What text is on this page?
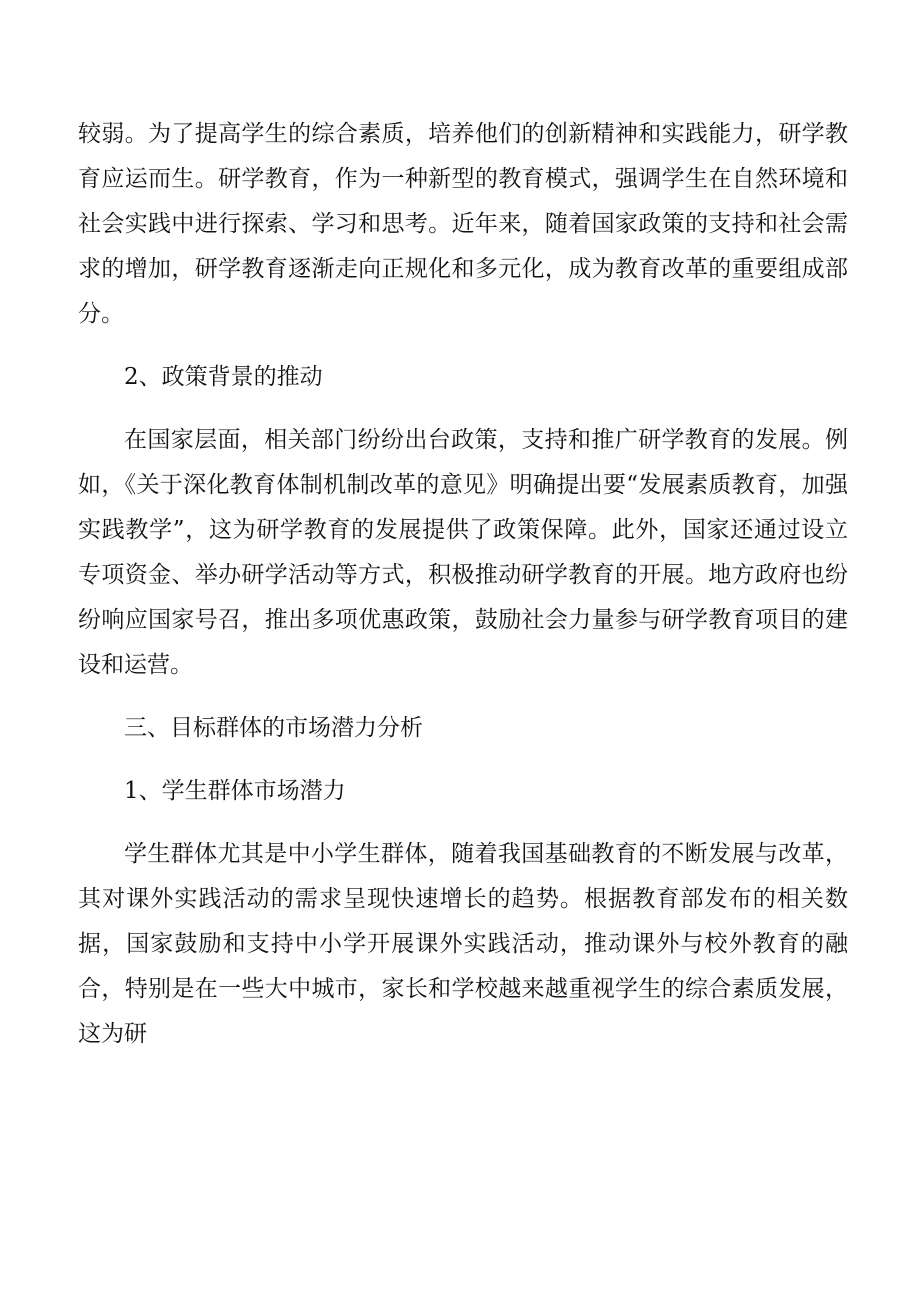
较弱。为了提高学生的综合素质，培养他们的创新精神和实践能力，研学教育应运而生。研学教育，作为一种新型的教育模式，强调学生在自然环境和社会实践中进行探索、学习和思考。近年来，随着国家政策的支持和社会需求的增加，研学教育逐渐走向正规化和多元化，成为教育改革的重要组成部分。

2、政策背景的推动

在国家层面，相关部门纷纷出台政策，支持和推广研学教育的发展。例如，《关于深化教育体制机制改革的意见》明确提出要“发展素质教育，加强实践教学”，这为研学教育的发展提供了政策保障。此外，国家还通过设立专项资金、举办研学活动等方式，积极推动研学教育的开展。地方政府也纷纷响应国家号召，推出多项优惠政策，鼓励社会力量参与研学教育项目的建设和运营。

三、目标群体的市场潜力分析

1、学生群体市场潜力

学生群体尤其是中小学生群体，随着我国基础教育的不断发展与改革，其对课外实践活动的需求呈现快速增长的趋势。根据教育部发布的相关数据，国家鼓励和支持中小学开展课外实践活动，推动课外与校外教育的融合，特别是在一些大中城市，家长和学校越来越重视学生的综合素质发展，这为研
